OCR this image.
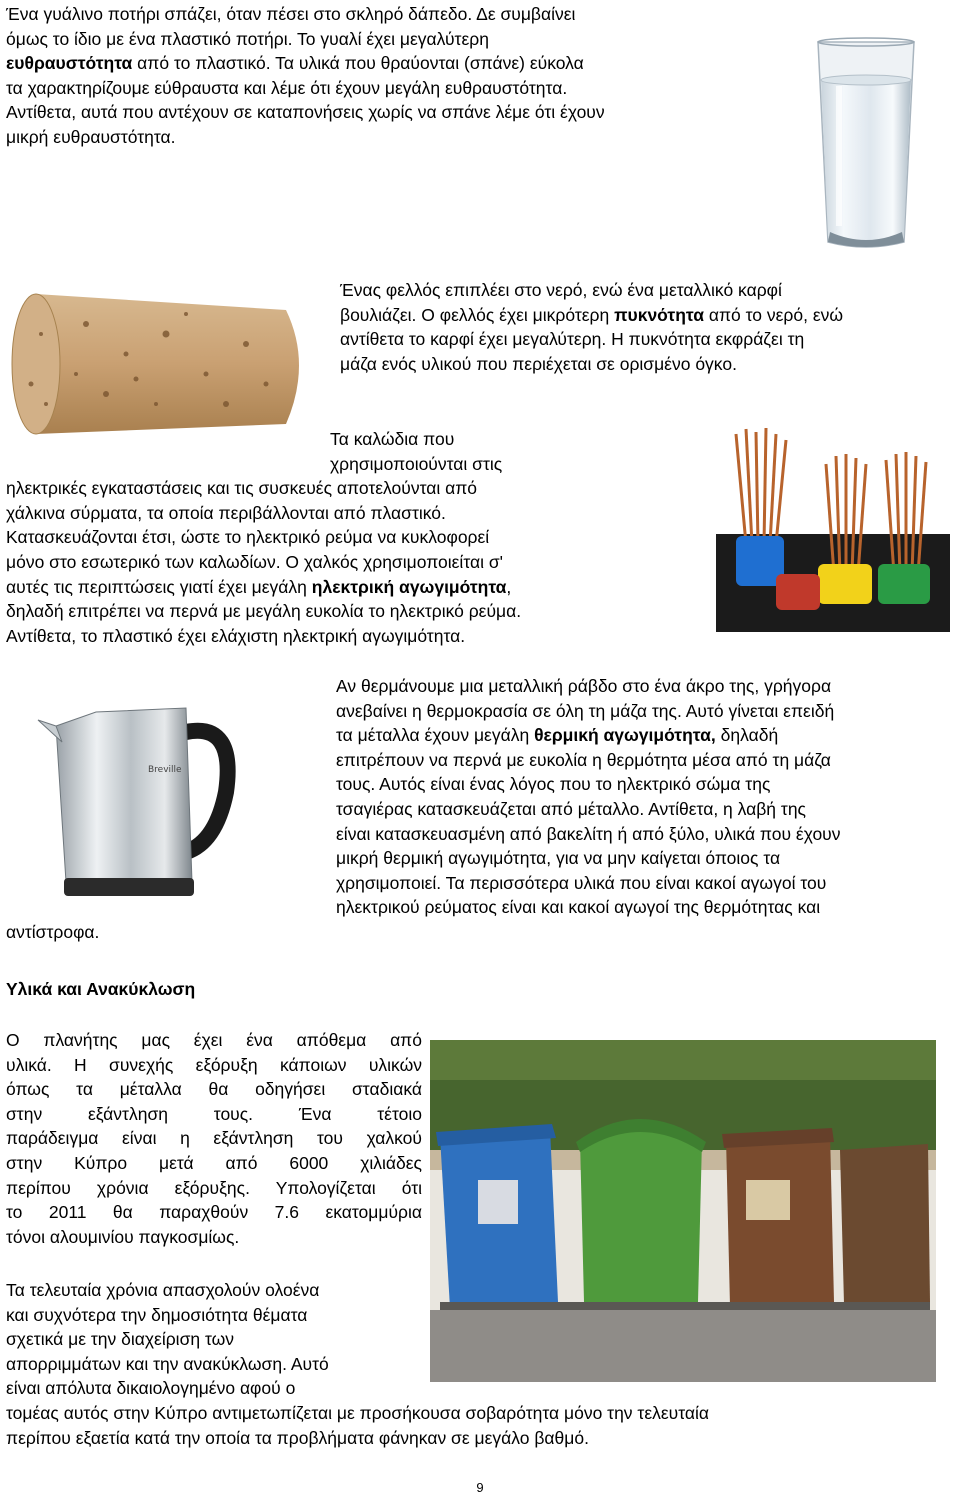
Ένα γυάλινο ποτήρι σπάζει, όταν πέσει στο σκληρό δάπεδο. Δε συμβαίνει
όμως το ίδιο με ένα πλαστικό ποτήρι. Το γυαλί έχει μεγαλύτερη
ευθραυστότητα από το πλαστικό. Τα υλικά που θραύονται (σπάνε) εύκολα
τα χαρακτηρίζουμε εύθραυστα και λέμε ότι έχουν μεγάλη ευθραυστότητα.
Αντίθετα, αυτά που αντέχουν σε καταπονήσεις χωρίς να σπάνε λέμε ότι έχουν
μικρή ευθραυστότητα.
Ένας φελλός επιπλέει στο νερό, ενώ ένα μεταλλικό καρφί
βουλιάζει. Ο φελλός έχει μικρότερη πυκνότητα από το νερό, ενώ
αντίθετα το καρφί έχει μεγαλύτερη. Η πυκνότητα εκφράζει τη
μάζα ενός υλικού που περιέχεται σε ορισμένο όγκο.
Τα καλώδια που
χρησιμοποιούνται στις
ηλεκτρικές εγκαταστάσεις και τις συσκευές αποτελούνται από
χάλκινα σύρματα, τα οποία περιβάλλονται από πλαστικό.
Κατασκευάζονται έτσι, ώστε το ηλεκτρικό ρεύμα να κυκλοφορεί
μόνο στο εσωτερικό των καλωδίων. Ο χαλκός χρησιμοποιείται σ'
αυτές τις περιπτώσεις γιατί έχει μεγάλη ηλεκτρική αγωγιμότητα,
δηλαδή επιτρέπει να περνά με μεγάλη ευκολία το ηλεκτρικό ρεύμα.
Αντίθετα, το πλαστικό έχει ελάχιστη ηλεκτρική αγωγιμότητα.
Breville
Αν θερμάνουμε μια μεταλλική ράβδο στο ένα άκρο της, γρήγορα
ανεβαίνει η θερμοκρασία σε όλη τη μάζα της. Αυτό γίνεται επειδή
τα μέταλλα έχουν μεγάλη θερμική αγωγιμότητα, δηλαδή
επιτρέπουν να περνά με ευκολία η θερμότητα μέσα από τη μάζα
τους. Αυτός είναι ένας λόγος που το ηλεκτρικό σώμα της
τσαγιέρας κατασκευάζεται από μέταλλο. Αντίθετα, η λαβή της
είναι κατασκευασμένη από βακελίτη ή από ξύλο, υλικά που έχουν
μικρή θερμική αγωγιμότητα, για να μην καίγεται όποιος τα
χρησιμοποιεί. Τα περισσότερα υλικά που είναι κακοί αγωγοί του
ηλεκτρικού ρεύματος είναι και κακοί αγωγοί της θερμότητας και
αντίστροφα.
Υλικά και Ανακύκλωση
Ο πλανήτης μας έχει ένα απόθεμα από
υλικά. Η συνεχής εξόρυξη κάποιων υλικών
όπως τα μέταλλα θα οδηγήσει σταδιακά
στην εξάντληση τους. Ένα τέτοιο
παράδειγμα είναι η εξάντληση του χαλκού
στην Κύπρο μετά από 6000 χιλιάδες
περίπου χρόνια εξόρυξης. Υπολογίζεται ότι
το 2011 θα παραχθούν 7.6 εκατομμύρια
τόνοι αλουμινίου παγκοσμίως.
Τα τελευταία χρόνια απασχολούν ολοένα
και συχνότερα την δημοσιότητα θέματα
σχετικά με την διαχείριση των
απορριμμάτων και την ανακύκλωση. Αυτό
είναι απόλυτα δικαιολογημένο αφού ο
τομέας αυτός στην Κύπρο αντιμετωπίζεται με προσήκουσα σοβαρότητα μόνο την τελευταία
περίπου εξαετία κατά την οποία τα προβλήματα φάνηκαν σε μεγάλο βαθμό.
9
